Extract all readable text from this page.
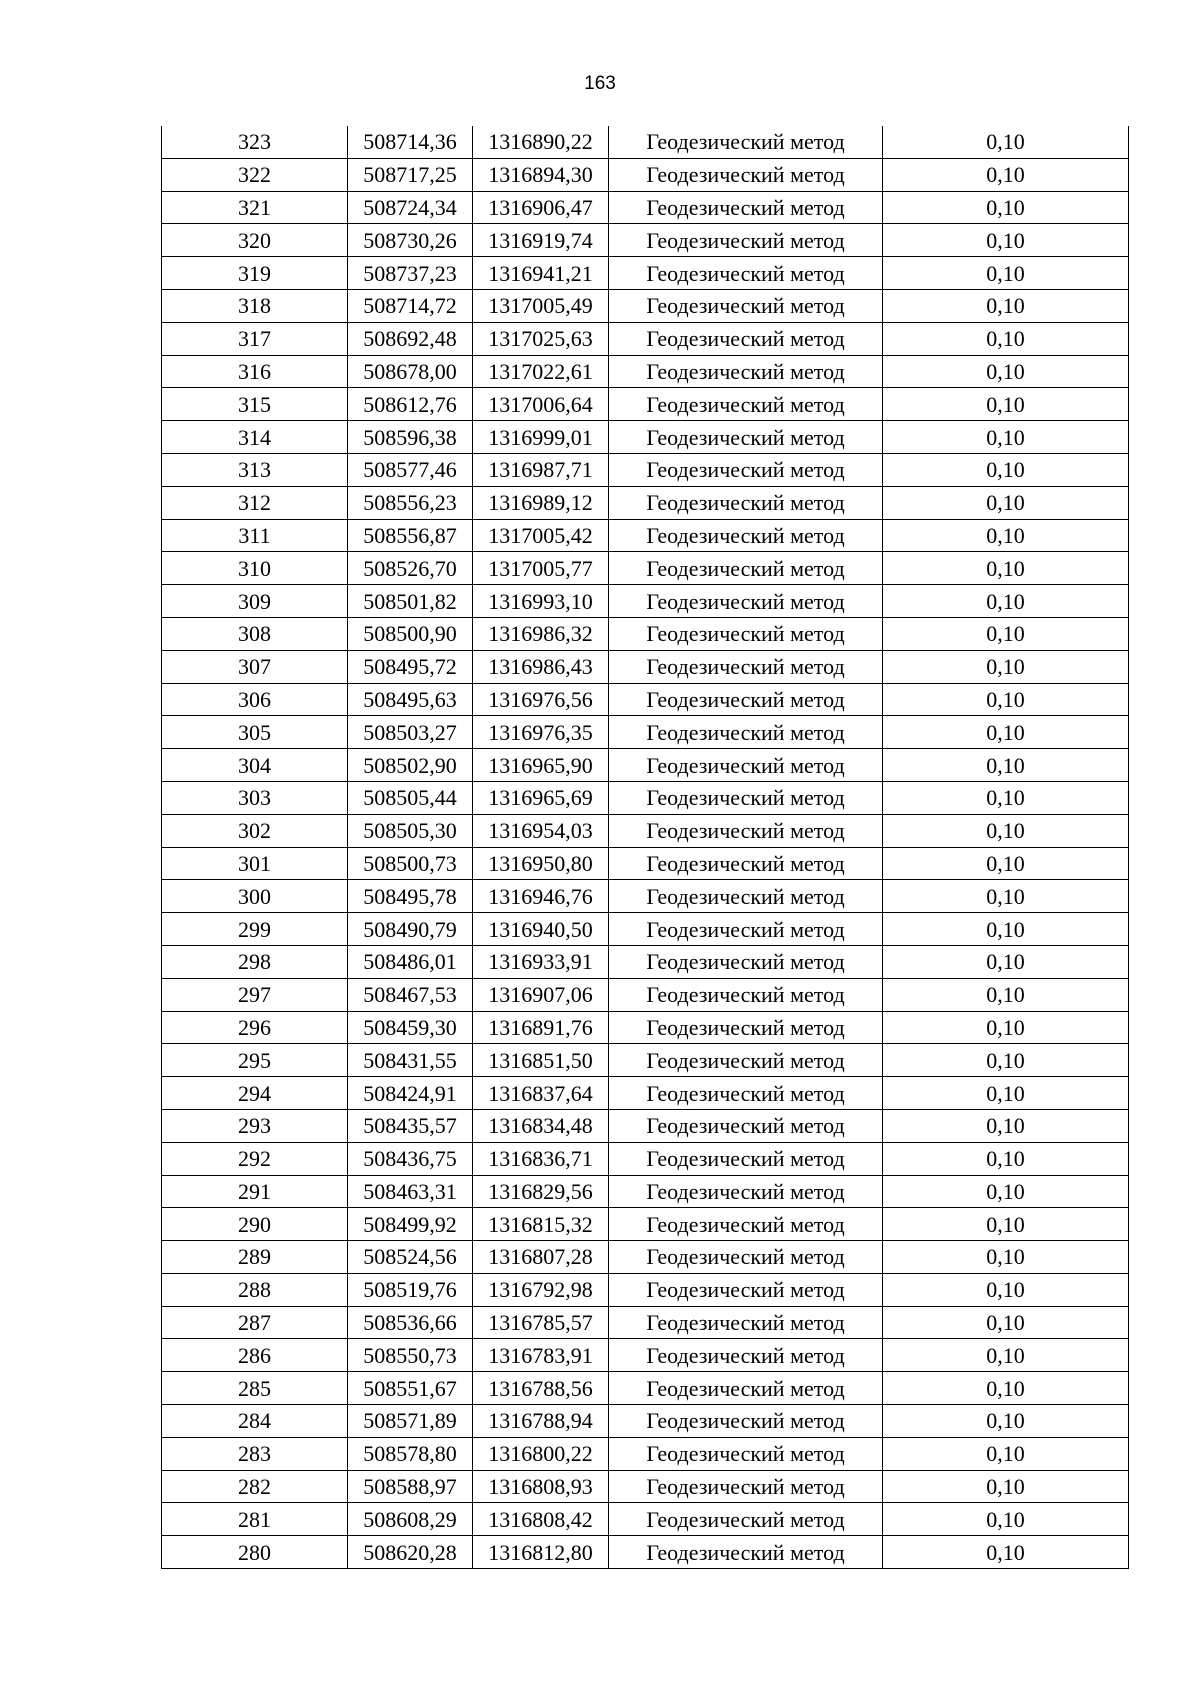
163
323	508714,36	1316890,22	Геодезический метод	0,10
322	508717,25	1316894,30	Геодезический метод	0,10
321	508724,34	1316906,47	Геодезический метод	0,10
320	508730,26	1316919,74	Геодезический метод	0,10
319	508737,23	1316941,21	Геодезический метод	0,10
318	508714,72	1317005,49	Геодезический метод	0,10
317	508692,48	1317025,63	Геодезический метод	0,10
316	508678,00	1317022,61	Геодезический метод	0,10
315	508612,76	1317006,64	Геодезический метод	0,10
314	508596,38	1316999,01	Геодезический метод	0,10
313	508577,46	1316987,71	Геодезический метод	0,10
312	508556,23	1316989,12	Геодезический метод	0,10
311	508556,87	1317005,42	Геодезический метод	0,10
310	508526,70	1317005,77	Геодезический метод	0,10
309	508501,82	1316993,10	Геодезический метод	0,10
308	508500,90	1316986,32	Геодезический метод	0,10
307	508495,72	1316986,43	Геодезический метод	0,10
306	508495,63	1316976,56	Геодезический метод	0,10
305	508503,27	1316976,35	Геодезический метод	0,10
304	508502,90	1316965,90	Геодезический метод	0,10
303	508505,44	1316965,69	Геодезический метод	0,10
302	508505,30	1316954,03	Геодезический метод	0,10
301	508500,73	1316950,80	Геодезический метод	0,10
300	508495,78	1316946,76	Геодезический метод	0,10
299	508490,79	1316940,50	Геодезический метод	0,10
298	508486,01	1316933,91	Геодезический метод	0,10
297	508467,53	1316907,06	Геодезический метод	0,10
296	508459,30	1316891,76	Геодезический метод	0,10
295	508431,55	1316851,50	Геодезический метод	0,10
294	508424,91	1316837,64	Геодезический метод	0,10
293	508435,57	1316834,48	Геодезический метод	0,10
292	508436,75	1316836,71	Геодезический метод	0,10
291	508463,31	1316829,56	Геодезический метод	0,10
290	508499,92	1316815,32	Геодезический метод	0,10
289	508524,56	1316807,28	Геодезический метод	0,10
288	508519,76	1316792,98	Геодезический метод	0,10
287	508536,66	1316785,57	Геодезический метод	0,10
286	508550,73	1316783,91	Геодезический метод	0,10
285	508551,67	1316788,56	Геодезический метод	0,10
284	508571,89	1316788,94	Геодезический метод	0,10
283	508578,80	1316800,22	Геодезический метод	0,10
282	508588,97	1316808,93	Геодезический метод	0,10
281	508608,29	1316808,42	Геодезический метод	0,10
280	508620,28	1316812,80	Геодезический метод	0,10
